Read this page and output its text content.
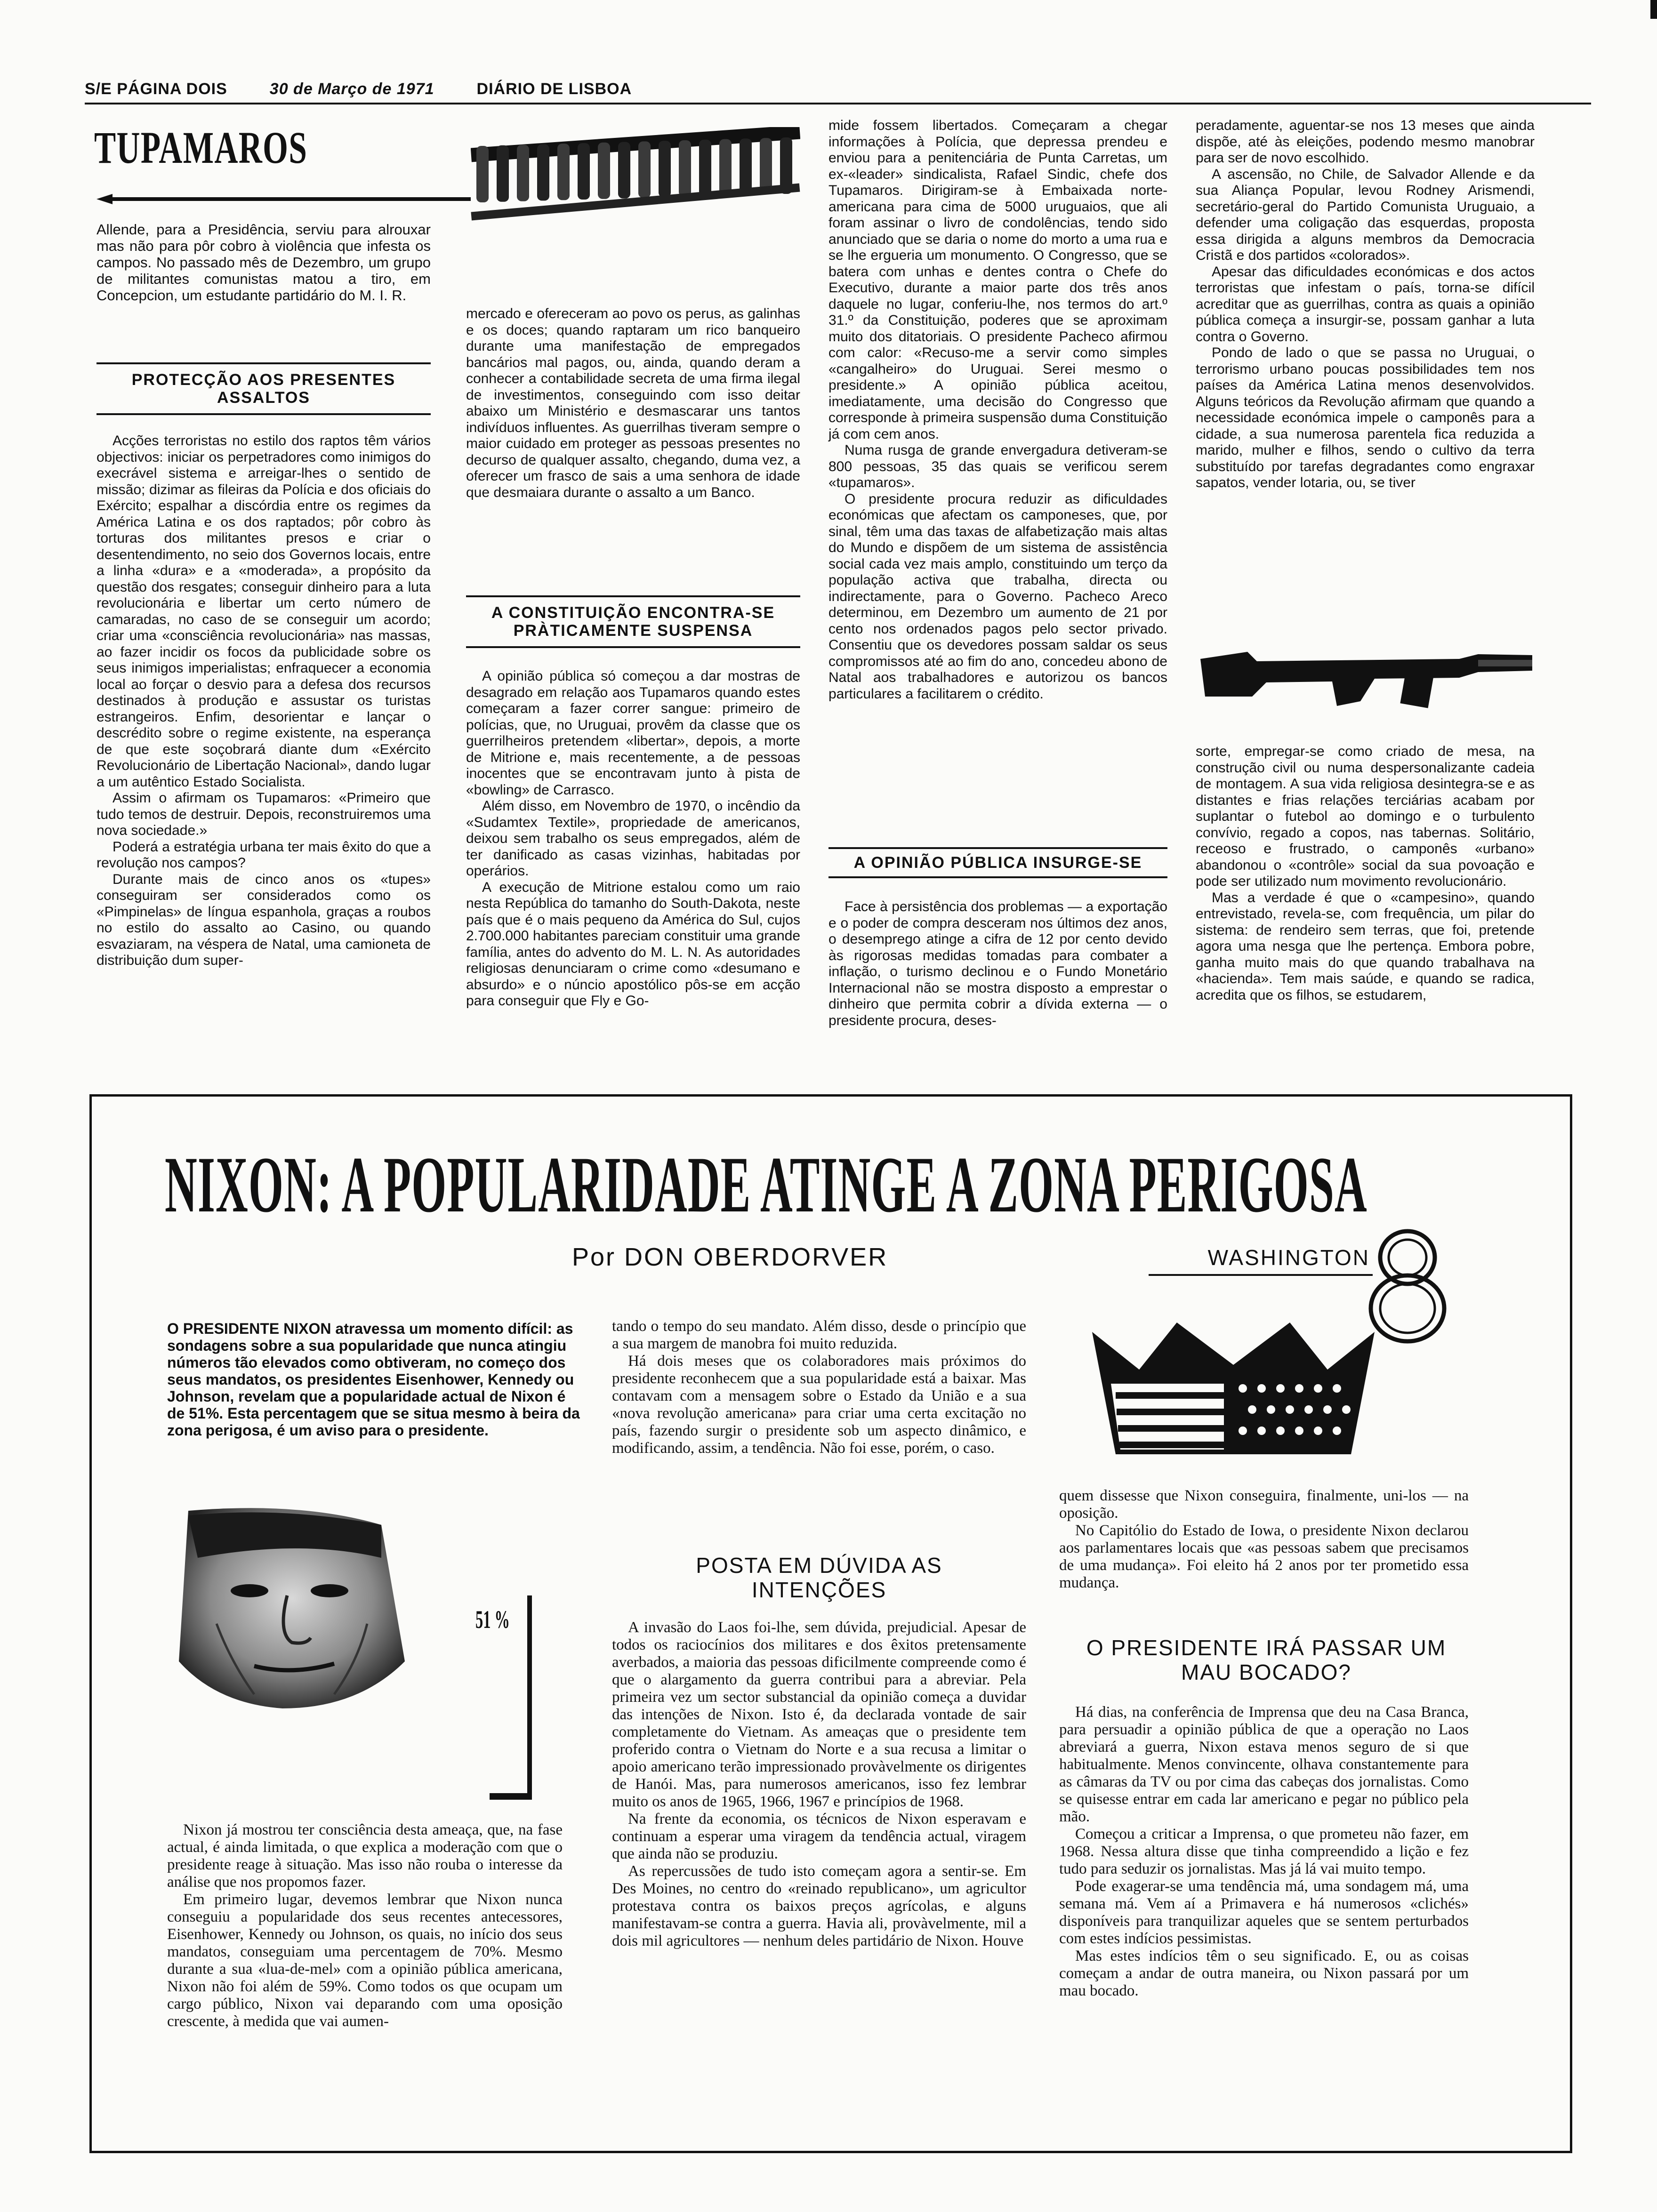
S/E PÁGINA DOIS	30 de Março de 1971	DIÁRIO DE LISBOA
TUPAMAROS

Allende, para a Presidência, serviu para alrouxar mas não para pôr cobro à violência que infesta os campos. No passado mês de Dezembro, um grupo de militantes comunistas matou a tiro, em Concepcion, um estudante partidário do M. I. R.

PROTECÇÃO AOS PRESENTES ASSALTOS

Acções terroristas no estilo dos raptos têm vários objectivos: iniciar os perpetradores como inimigos do execrável sistema e arreigar-lhes o sentido de missão; dizimar as fileiras da Polícia e dos oficiais do Exército; espalhar a discórdia entre os regimes da América Latina e os dos raptados; pôr cobro às torturas dos militantes presos e criar o desentendimento, no seio dos Governos locais, entre a linha «dura» e a «moderada», a propósito da questão dos resgates; conseguir dinheiro para a luta revolucionária e libertar um certo número de camaradas, no caso de se conseguir um acordo; criar uma «consciência revolucionária» nas massas, ao fazer incidir os focos da publicidade sobre os seus inimigos imperialistas; enfraquecer a economia local ao forçar o desvio para a defesa dos recursos destinados à produção e assustar os turistas estrangeiros. Enfim, desorientar e lançar o descrédito sobre o regime existente, na esperança de que este soçobrará diante dum «Exército Revolucionário de Libertação Nacional», dando lugar a um autêntico Estado Socialista.

Assim o afirmam os Tupamaros: «Primeiro que tudo temos de destruir. Depois, reconstruiremos uma nova sociedade.»

Poderá a estratégia urbana ter mais êxito do que a revolução nos campos?

Durante mais de cinco anos os «tupes» conseguiram ser considerados como os «Pimpinelas» de língua espanhola, graças a roubos no estilo do assalto ao Casino, ou quando esvaziaram, na véspera de Natal, uma camioneta de distribuição dum super-

mercado e ofereceram ao povo os perus, as galinhas e os doces; quando raptaram um rico banqueiro durante uma manifestação de empregados bancários mal pagos, ou, ainda, quando deram a conhecer a contabilidade secreta de uma firma ilegal de investimentos, conseguindo com isso deitar abaixo um Ministério e desmascarar uns tantos indivíduos influentes. As guerrilhas tiveram sempre o maior cuidado em proteger as pessoas presentes no decurso de qualquer assalto, chegando, duma vez, a oferecer um frasco de sais a uma senhora de idade que desmaiara durante o assalto a um Banco.

A CONSTITUIÇÃO ENCONTRA-SE PRÀTICAMENTE SUSPENSA

A opinião pública só começou a dar mostras de desagrado em relação aos Tupamaros quando estes começaram a fazer correr sangue: primeiro de polícias, que, no Uruguai, provêm da classe que os guerrilheiros pretendem «libertar», depois, a morte de Mitrione e, mais recentemente, a de pessoas inocentes que se encontravam junto à pista de «bowling» de Carrasco.

Além disso, em Novembro de 1970, o incêndio da «Sudamtex Textile», propriedade de americanos, deixou sem trabalho os seus empregados, além de ter danificado as casas vizinhas, habitadas por operários.

A execução de Mitrione estalou como um raio nesta República do tamanho do South-Dakota, neste país que é o mais pequeno da América do Sul, cujos 2.700.000 habitantes pareciam constituir uma grande família, antes do advento do M. L. N. As autoridades religiosas denunciaram o crime como «desumano e absurdo» e o núncio apostólico pôs-se em acção para conseguir que Fly e Go-

mide fossem libertados. Começaram a chegar informações à Polícia, que depressa prendeu e enviou para a penitenciária de Punta Carretas, um ex-«leader» sindicalista, Rafael Sindic, chefe dos Tupamaros. Dirigiram-se à Embaixada norte-americana para cima de 5000 uruguaios, que ali foram assinar o livro de condolências, tendo sido anunciado que se daria o nome do morto a uma rua e se lhe ergueria um monumento. O Congresso, que se batera com unhas e dentes contra o Chefe do Executivo, durante a maior parte dos três anos daquele no lugar, conferiu-lhe, nos termos do art.º 31.º da Constituição, poderes que se aproximam muito dos ditatoriais. O presidente Pacheco afirmou com calor: «Recuso-me a servir como simples «cangalheiro» do Uruguai. Serei mesmo o presidente.» A opinião pública aceitou, imediatamente, uma decisão do Congresso que corresponde à primeira suspensão duma Constituição já com cem anos.

Numa rusga de grande envergadura detiveram-se 800 pessoas, 35 das quais se verificou serem «tupamaros».

O presidente procura reduzir as dificuldades económicas que afectam os camponeses, que, por sinal, têm uma das taxas de alfabetização mais altas do Mundo e dispõem de um sistema de assistência social cada vez mais amplo, constituindo um terço da população activa que trabalha, directa ou indirectamente, para o Governo. Pacheco Areco determinou, em Dezembro um aumento de 21 por cento nos ordenados pagos pelo sector privado. Consentiu que os devedores possam saldar os seus compromissos até ao fim do ano, concedeu abono de Natal aos trabalhadores e autorizou os bancos particulares a facilitarem o crédito.

A OPINIÃO PÚBLICA INSURGE-SE

Face à persistência dos problemas — a exportação e o poder de compra desceram nos últimos dez anos, o desemprego atinge a cifra de 12 por cento devido às rigorosas medidas tomadas para combater a inflação, o turismo declinou e o Fundo Monetário Internacional não se mostra disposto a emprestar o dinheiro que permita cobrir a dívida externa — o presidente procura, deses-

peradamente, aguentar-se nos 13 meses que ainda dispõe, até às eleições, podendo mesmo manobrar para ser de novo escolhido.

A ascensão, no Chile, de Salvador Allende e da sua Aliança Popular, levou Rodney Arismendi, secretário-geral do Partido Comunista Uruguaio, a defender uma coligação das esquerdas, proposta essa dirigida a alguns membros da Democracia Cristã e dos partidos «colorados».

Apesar das dificuldades económicas e dos actos terroristas que infestam o país, torna-se difícil acreditar que as guerrilhas, contra as quais a opinião pública começa a insurgir-se, possam ganhar a luta contra o Governo.

Pondo de lado o que se passa no Uruguai, o terrorismo urbano poucas possibilidades tem nos países da América Latina menos desenvolvidos. Alguns teóricos da Revolução afirmam que quando a necessidade económica impele o camponês para a cidade, a sua numerosa parentela fica reduzida a marido, mulher e filhos, sendo o cultivo da terra substituído por tarefas degradantes como engraxar sapatos, vender lotaria, ou, se tiver

sorte, empregar-se como criado de mesa, na construção civil ou numa despersonalizante cadeia de montagem. A sua vida religiosa desintegra-se e as distantes e frias relações terciárias acabam por suplantar o futebol ao domingo e o turbulento convívio, regado a copos, nas tabernas. Solitário, receoso e frustrado, o camponês «urbano» abandonou o «contrôle» social da sua povoação e pode ser utilizado num movimento revolucionário.

Mas a verdade é que o «campesino», quando entrevistado, revela-se, com frequência, um pilar do sistema: de rendeiro sem terras, que foi, pretende agora uma nesga que lhe pertença. Embora pobre, ganha muito mais do que quando trabalhava na «hacienda». Tem mais saúde, e quando se radica, acredita que os filhos, se estudarem,

NIXON: A POPULARIDADE ATINGE A ZONA PERIGOSA
Por DON OBERDORVER	WASHINGTON
O PRESIDENTE NIXON atravessa um momento difícil: as sondagens sobre a sua popularidade que nunca atingiu números tão elevados como obtiveram, no começo dos seus mandatos, os presidentes Eisenhower, Kennedy ou Johnson, revelam que a popularidade actual de Nixon é de 51%. Esta percentagem que se situa mesmo à beira da zona perigosa, é um aviso para o presidente.
51 %

Nixon já mostrou ter consciência desta ameaça, que, na fase actual, é ainda limitada, o que explica a moderação com que o presidente reage à situação. Mas isso não rouba o interesse da análise que nos propomos fazer.

Em primeiro lugar, devemos lembrar que Nixon nunca conseguiu a popularidade dos seus recentes antecessores, Eisenhower, Kennedy ou Johnson, os quais, no início dos seus mandatos, conseguiam uma percentagem de 70%. Mesmo durante a sua «lua-de-mel» com a opinião pública americana, Nixon não foi além de 59%. Como todos os que ocupam um cargo público, Nixon vai deparando com uma oposição crescente, à medida que vai aumen-

tando o tempo do seu mandato. Além disso, desde o princípio que a sua margem de manobra foi muito reduzida.

Há dois meses que os colaboradores mais próximos do presidente reconhecem que a sua popularidade está a baixar. Mas contavam com a mensagem sobre o Estado da União e a sua «nova revolução americana» para criar uma certa excitação no país, fazendo surgir o presidente sob um aspecto dinâmico, e modificando, assim, a tendência. Não foi esse, porém, o caso.

POSTA EM DÚVIDA AS INTENÇÕES

A invasão do Laos foi-lhe, sem dúvida, prejudicial. Apesar de todos os raciocínios dos militares e dos êxitos pretensamente averbados, a maioria das pessoas dificilmente compreende como é que o alargamento da guerra contribui para a abreviar. Pela primeira vez um sector substancial da opinião começa a duvidar das intenções de Nixon. Isto é, da declarada vontade de sair completamente do Vietnam. As ameaças que o presidente tem proferido contra o Vietnam do Norte e a sua recusa a limitar o apoio americano terão impressionado provàvelmente os dirigentes de Hanói. Mas, para numerosos americanos, isso fez lembrar muito os anos de 1965, 1966, 1967 e princípios de 1968.

Na frente da economia, os técnicos de Nixon esperavam e continuam a esperar uma viragem da tendência actual, viragem que ainda não se produziu.

As repercussões de tudo isto começam agora a sentir-se. Em Des Moines, no centro do «reinado republicano», um agricultor protestava contra os baixos preços agrícolas, e alguns manifestavam-se contra a guerra. Havia ali, provàvelmente, mil a dois mil agricultores — nenhum deles partidário de Nixon. Houve

quem dissesse que Nixon conseguira, finalmente, uni-los — na oposição.

No Capitólio do Estado de Iowa, o presidente Nixon declarou aos parlamentares locais que «as pessoas sabem que precisamos de uma mudança». Foi eleito há 2 anos por ter prometido essa mudança.

O PRESIDENTE IRÁ PASSAR UM MAU BOCADO?

Há dias, na conferência de Imprensa que deu na Casa Branca, para persuadir a opinião pública de que a operação no Laos abreviará a guerra, Nixon estava menos seguro de si que habitualmente. Menos convincente, olhava constantemente para as câmaras da TV ou por cima das cabeças dos jornalistas. Como se quisesse entrar em cada lar americano e pegar no público pela mão.

Começou a criticar a Imprensa, o que prometeu não fazer, em 1968. Nessa altura disse que tinha compreendido a lição e fez tudo para seduzir os jornalistas. Mas já lá vai muito tempo.

Pode exagerar-se uma tendência má, uma sondagem má, uma semana má. Vem aí a Primavera e há numerosos «clichés» disponíveis para tranquilizar aqueles que se sentem perturbados com estes indícios pessimistas.

Mas estes indícios têm o seu significado. E, ou as coisas começam a andar de outra maneira, ou Nixon passará por um mau bocado.
